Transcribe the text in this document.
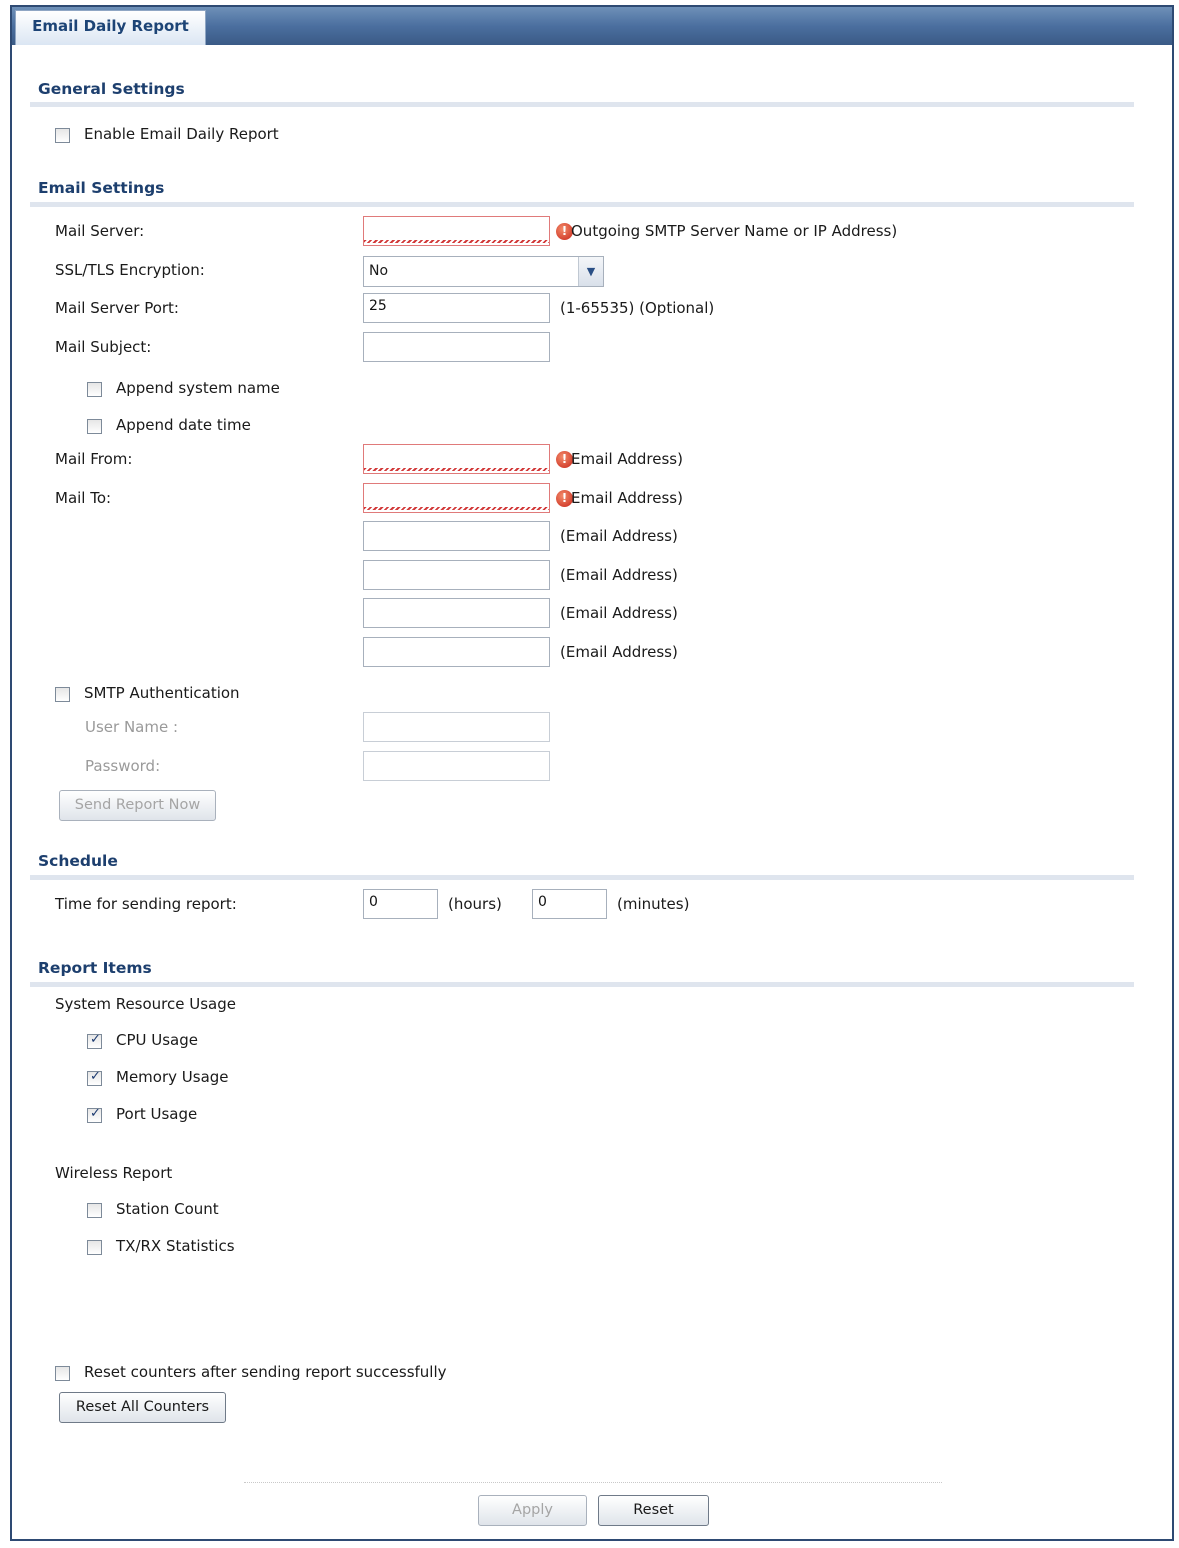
Email Daily Report
General Settings
Enable Email Daily Report
Email Settings
Mail Server:	! Outgoing SMTP Server Name or IP Address)
SSL/TLS Encryption:	No	▼
Mail Server Port:	25	(1-65535) (Optional)
Mail Subject:
Append system name
Append date time
Mail From:	! Email Address)
Mail To:	! Email Address)
(Email Address)
(Email Address)
(Email Address)
(Email Address)
SMTP Authentication
User Name :
Password:
Send Report Now
Schedule
Time for sending report:	0	(hours)	0	(minutes)
Report Items
System Resource Usage
✓
CPU Usage
✓
Memory Usage
✓
Port Usage
Wireless Report
Station Count
TX/RX Statistics
Reset counters after sending report successfully
Reset All Counters
Apply	Reset
